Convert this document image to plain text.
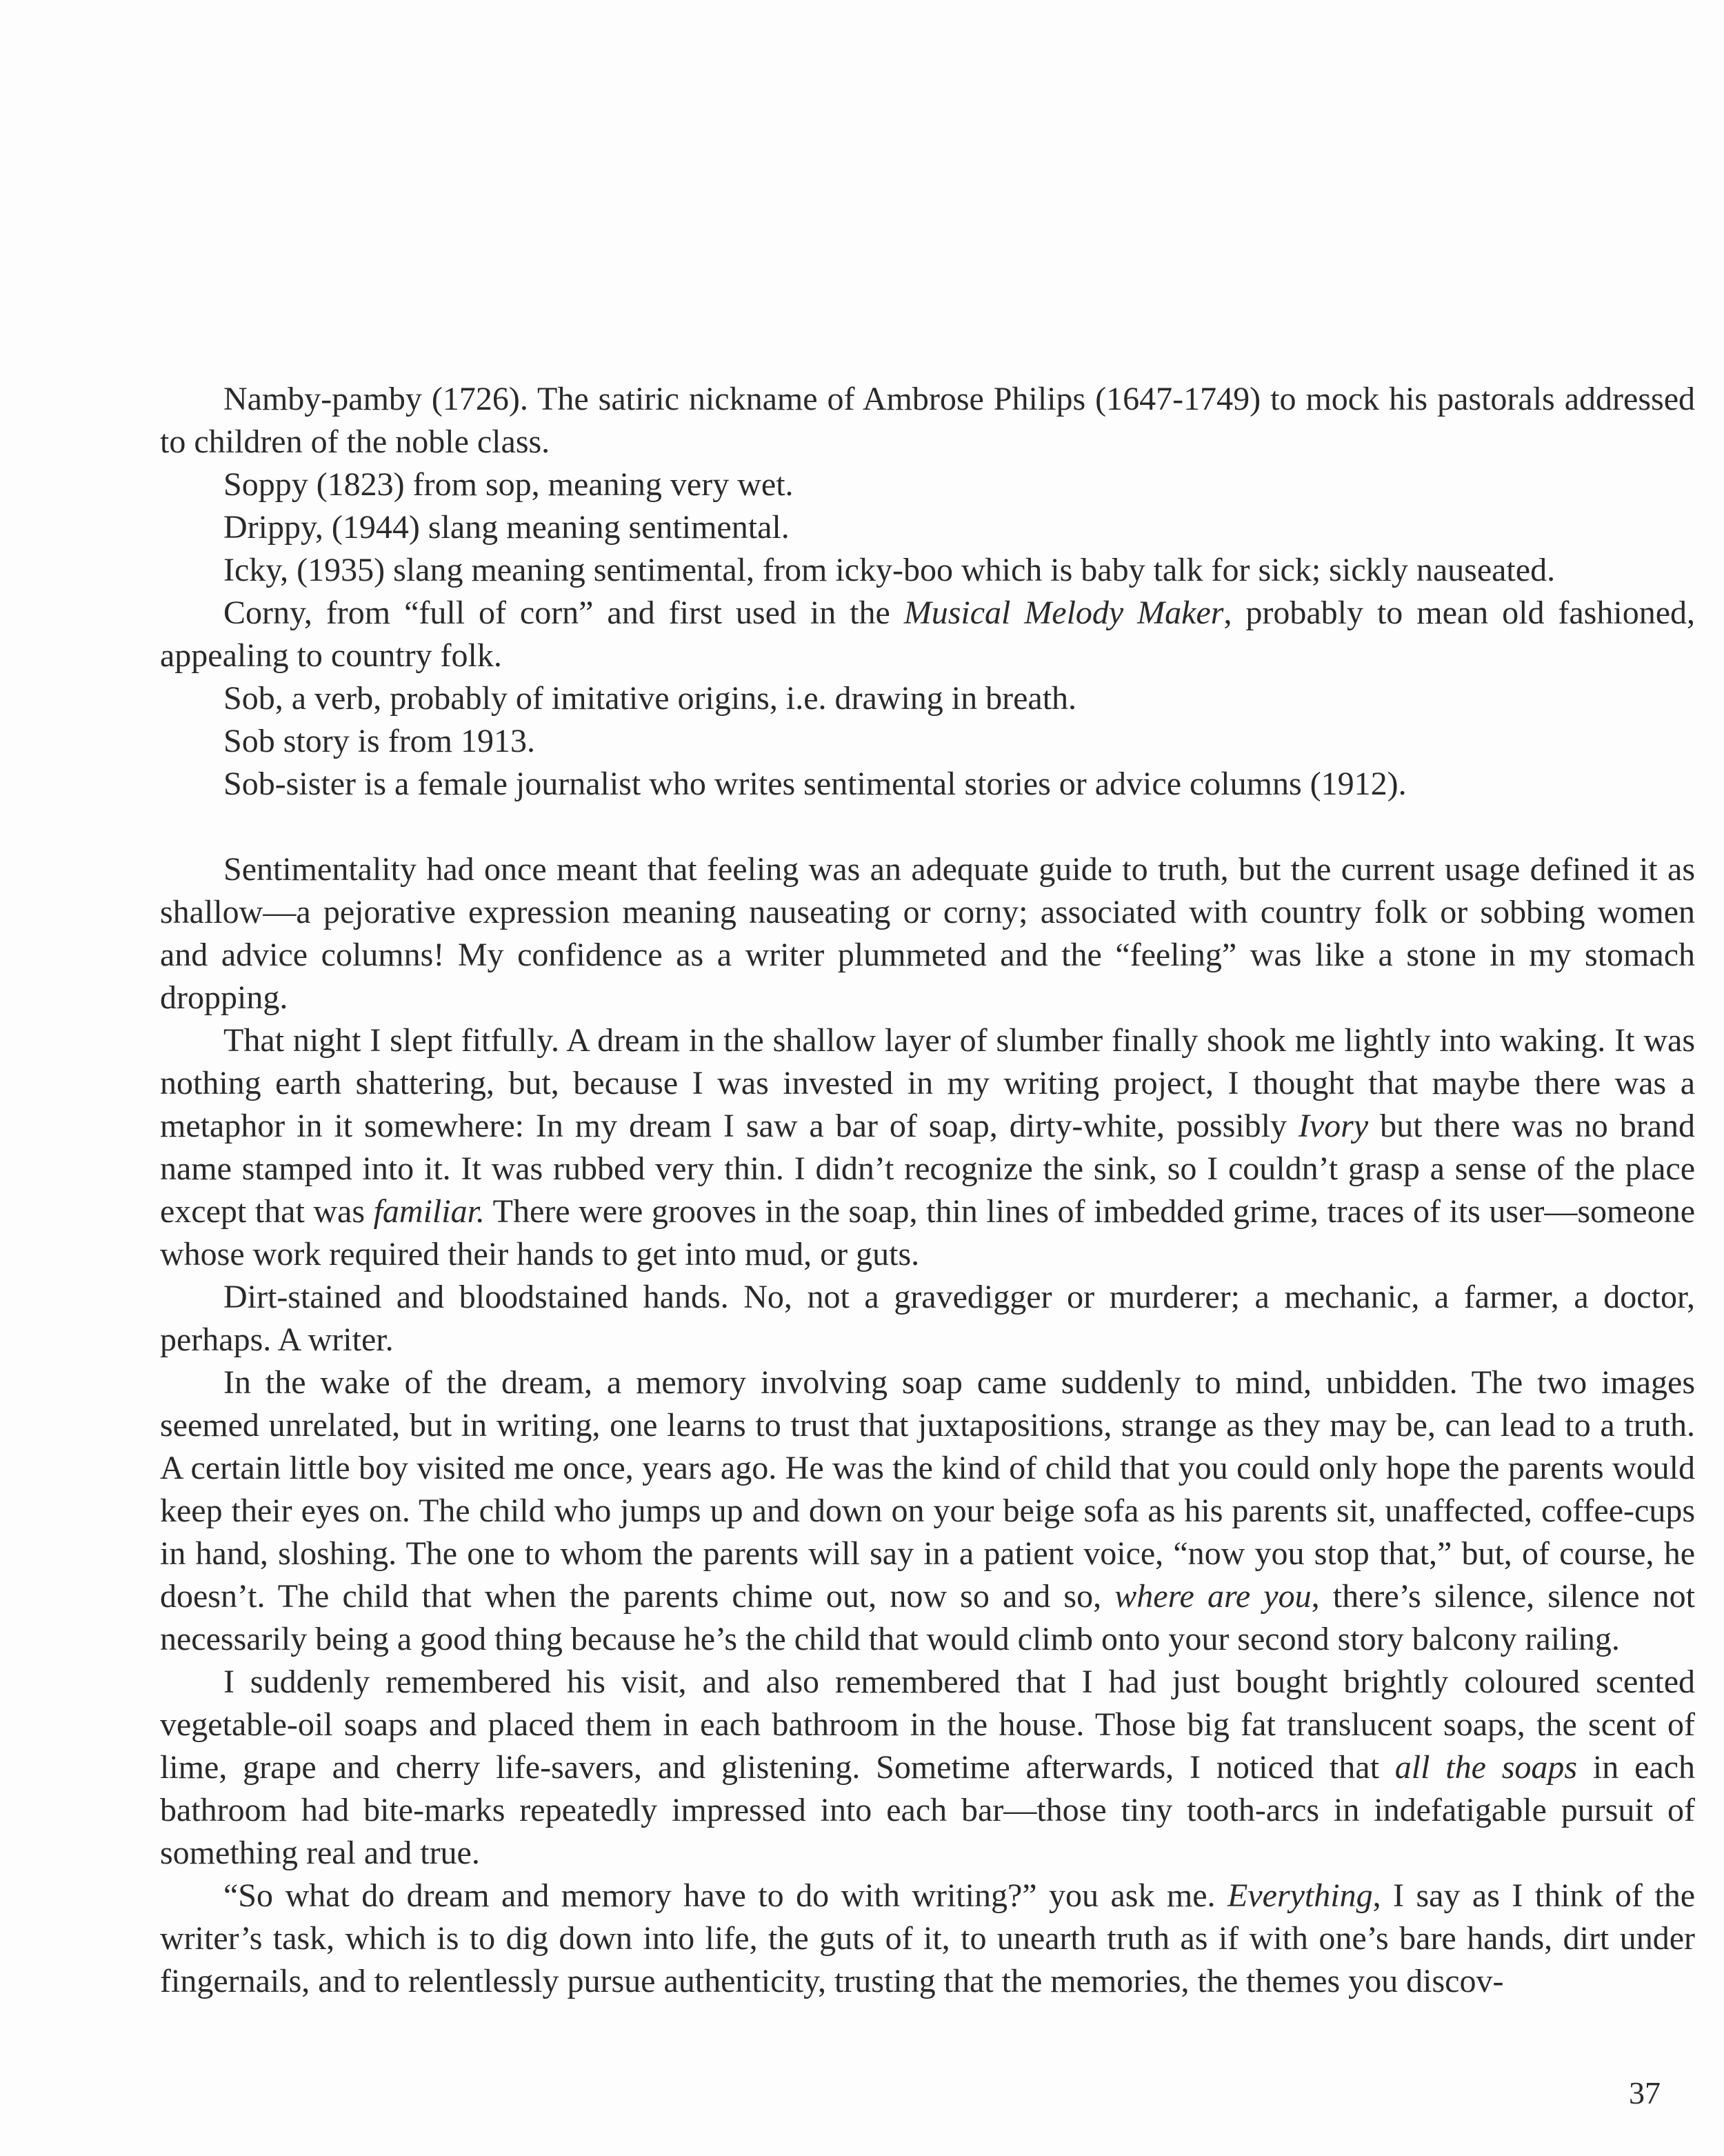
Namby-pamby (1726). The satiric nickname of Ambrose Philips (1647-1749) to mock his pastorals addressed to children of the noble class.

Soppy (1823) from sop, meaning very wet.

Drippy, (1944) slang meaning sentimental.

Icky, (1935) slang meaning sentimental, from icky-boo which is baby talk for sick; sickly nauseated.

Corny, from “full of corn” and first used in the Musical Melody Maker, probably to mean old fashioned, appealing to country folk.

Sob, a verb, probably of imitative origins, i.e. drawing in breath.

Sob story is from 1913.

Sob-sister is a female journalist who writes sentimental stories or advice columns (1912).

Sentimentality had once meant that feeling was an adequate guide to truth, but the current usage defined it as shallow—a pejorative expression meaning nauseating or corny; associated with country folk or sobbing women and advice columns! My confidence as a writer plummeted and the “feeling” was like a stone in my stomach dropping.

That night I slept fitfully. A dream in the shallow layer of slumber finally shook me lightly into waking. It was nothing earth shattering, but, because I was invested in my writing project, I thought that maybe there was a metaphor in it somewhere: In my dream I saw a bar of soap, dirty-white, possibly Ivory but there was no brand name stamped into it. It was rubbed very thin. I didn’t recognize the sink, so I couldn’t grasp a sense of the place except that was familiar. There were grooves in the soap, thin lines of imbedded grime, traces of its user—someone whose work required their hands to get into mud, or guts.

Dirt-stained and bloodstained hands. No, not a gravedigger or murderer; a mechanic, a farmer, a doctor, perhaps. A writer.

In the wake of the dream, a memory involving soap came suddenly to mind, unbidden. The two images seemed unrelated, but in writing, one learns to trust that juxtapositions, strange as they may be, can lead to a truth. A certain little boy visited me once, years ago. He was the kind of child that you could only hope the parents would keep their eyes on. The child who jumps up and down on your beige sofa as his parents sit, unaffected, coffee-cups in hand, sloshing. The one to whom the parents will say in a patient voice, “now you stop that,” but, of course, he doesn’t. The child that when the parents chime out, now so and so, where are you, there’s silence, silence not necessarily being a good thing because he’s the child that would climb onto your second story balcony railing.

I suddenly remembered his visit, and also remembered that I had just bought brightly coloured scented vegetable-oil soaps and placed them in each bathroom in the house. Those big fat translucent soaps, the scent of lime, grape and cherry life-savers, and glistening. Sometime afterwards, I noticed that all the soaps in each bathroom had bite-marks repeatedly impressed into each bar—those tiny tooth-arcs in indefatigable pursuit of something real and true.

“So what do dream and memory have to do with writing?” you ask me. Everything, I say as I think of the writer’s task, which is to dig down into life, the guts of it, to unearth truth as if with one’s bare hands, dirt under fingernails, and to relentlessly pursue authenticity, trusting that the memories, the themes you discov-

37
